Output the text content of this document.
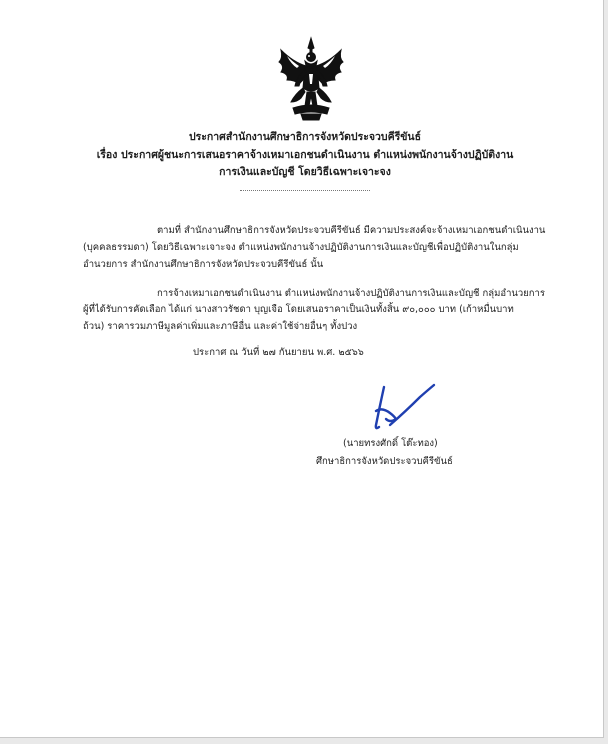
ประกาศสำนักงานศึกษาธิการจังหวัดประจวบคีรีขันธ์
เรื่อง ประกาศผู้ชนะการเสนอราคาจ้างเหมาเอกชนดำเนินงาน ตำแหน่งพนักงานจ้างปฏิบัติงาน
การเงินและบัญชี โดยวิธีเฉพาะเจาะจง
ตามที่ สำนักงานศึกษาธิการจังหวัดประจวบคีรีขันธ์ มีความประสงค์จะจ้างเหมาเอกชนดำเนินงาน
(บุคคลธรรมดา) โดยวิธีเฉพาะเจาะจง ตำแหน่งพนักงานจ้างปฏิบัติงานการเงินและบัญชีเพื่อปฏิบัติงานในกลุ่ม
อำนวยการ สำนักงานศึกษาธิการจังหวัดประจวบคีรีขันธ์ นั้น
การจ้างเหมาเอกชนดำเนินงาน ตำแหน่งพนักงานจ้างปฏิบัติงานการเงินและบัญชี กลุ่มอำนวยการ
ผู้ที่ได้รับการคัดเลือก ได้แก่ นางสาวรัชดา บุญเจือ โดยเสนอราคาเป็นเงินทั้งสิ้น ๙๐,๐๐๐ บาท (เก้าหมื่นบาท
ถ้วน) ราคารวมภาษีมูลค่าเพิ่มและภาษีอื่น และค่าใช้จ่ายอื่นๆ ทั้งปวง
ประกาศ ณ วันที่ ๒๗ กันยายน พ.ศ. ๒๕๖๖
(นายทรงศักดิ์ โต๊ะทอง)
ศึกษาธิการจังหวัดประจวบคีรีขันธ์
